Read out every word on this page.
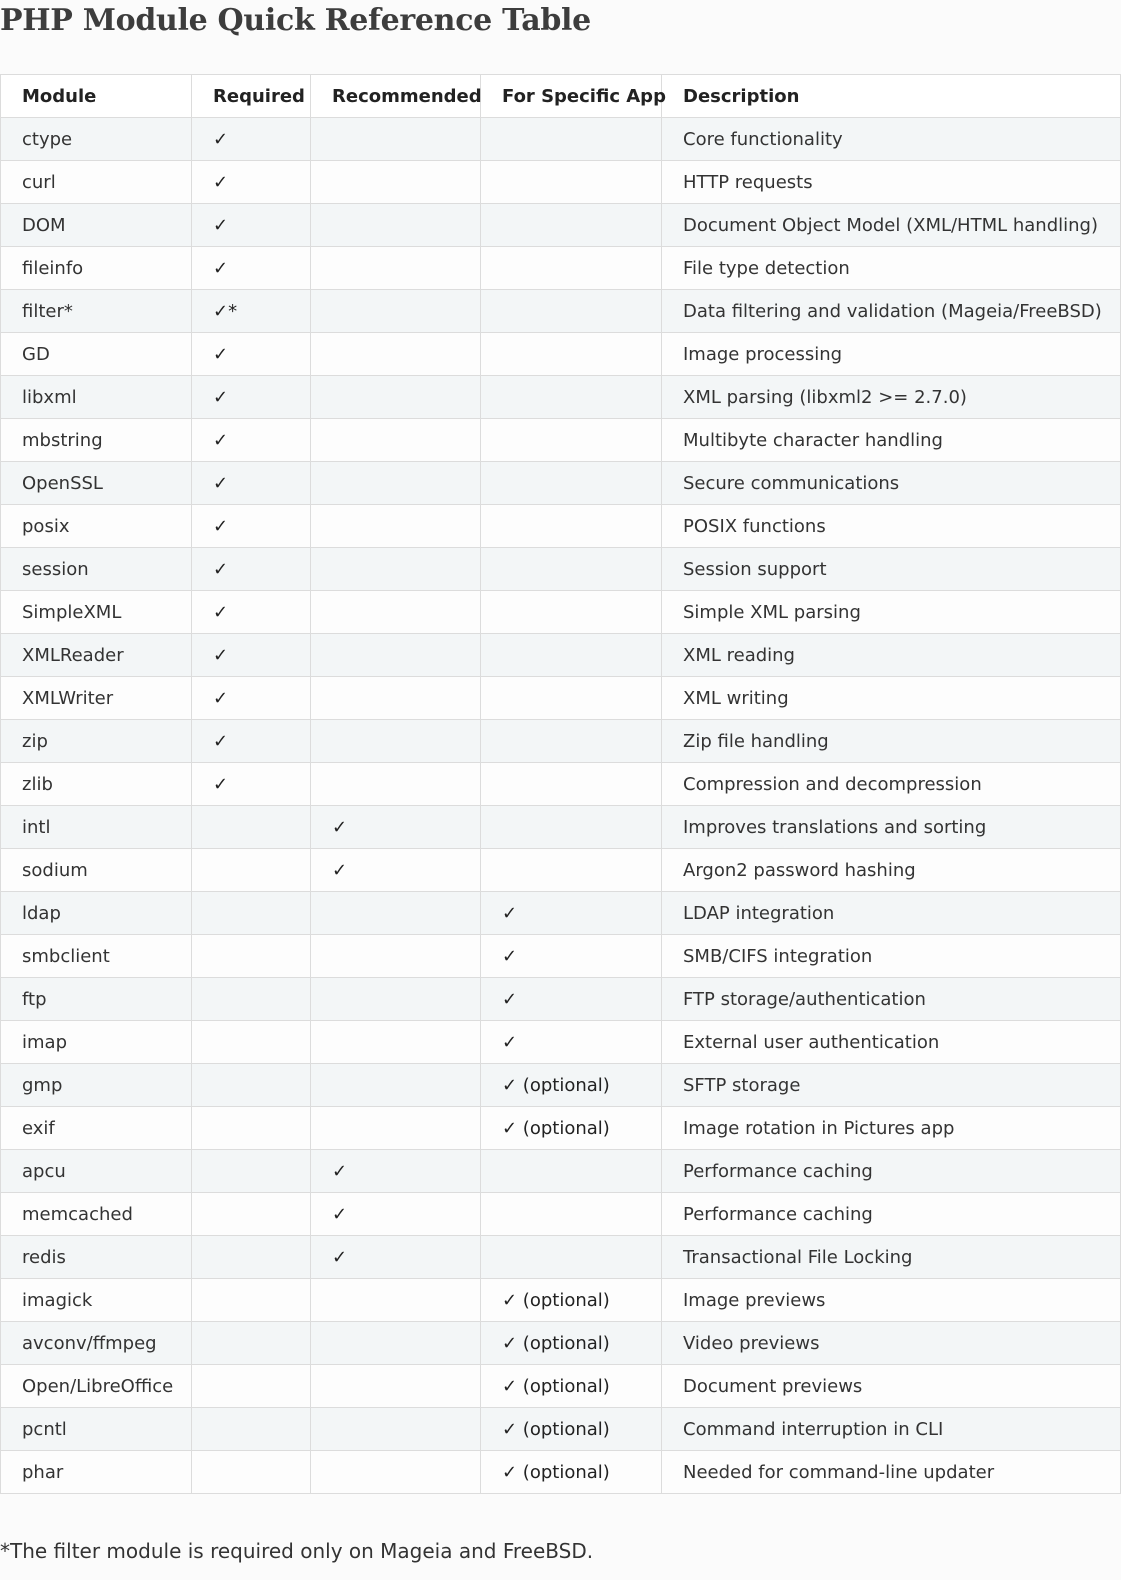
PHP Module Quick Reference Table
Module	Required	Recommended	For Specific App	Description
ctype	✓			Core functionality
curl	✓			HTTP requests
DOM	✓			Document Object Model (XML/HTML handling)
fileinfo	✓			File type detection
filter*	✓*			Data filtering and validation (Mageia/FreeBSD)
GD	✓			Image processing
libxml	✓			XML parsing (libxml2 >= 2.7.0)
mbstring	✓			Multibyte character handling
OpenSSL	✓			Secure communications
posix	✓			POSIX functions
session	✓			Session support
SimpleXML	✓			Simple XML parsing
XMLReader	✓			XML reading
XMLWriter	✓			XML writing
zip	✓			Zip file handling
zlib	✓			Compression and decompression
intl		✓		Improves translations and sorting
sodium		✓		Argon2 password hashing
ldap			✓	LDAP integration
smbclient			✓	SMB/CIFS integration
ftp			✓	FTP storage/authentication
imap			✓	External user authentication
gmp			✓ (optional)	SFTP storage
exif			✓ (optional)	Image rotation in Pictures app
apcu		✓		Performance caching
memcached		✓		Performance caching
redis		✓		Transactional File Locking
imagick			✓ (optional)	Image previews
avconv/ffmpeg			✓ (optional)	Video previews
Open/LibreOffice			✓ (optional)	Document previews
pcntl			✓ (optional)	Command interruption in CLI
phar			✓ (optional)	Needed for command-line updater

*The filter module is required only on Mageia and FreeBSD.
